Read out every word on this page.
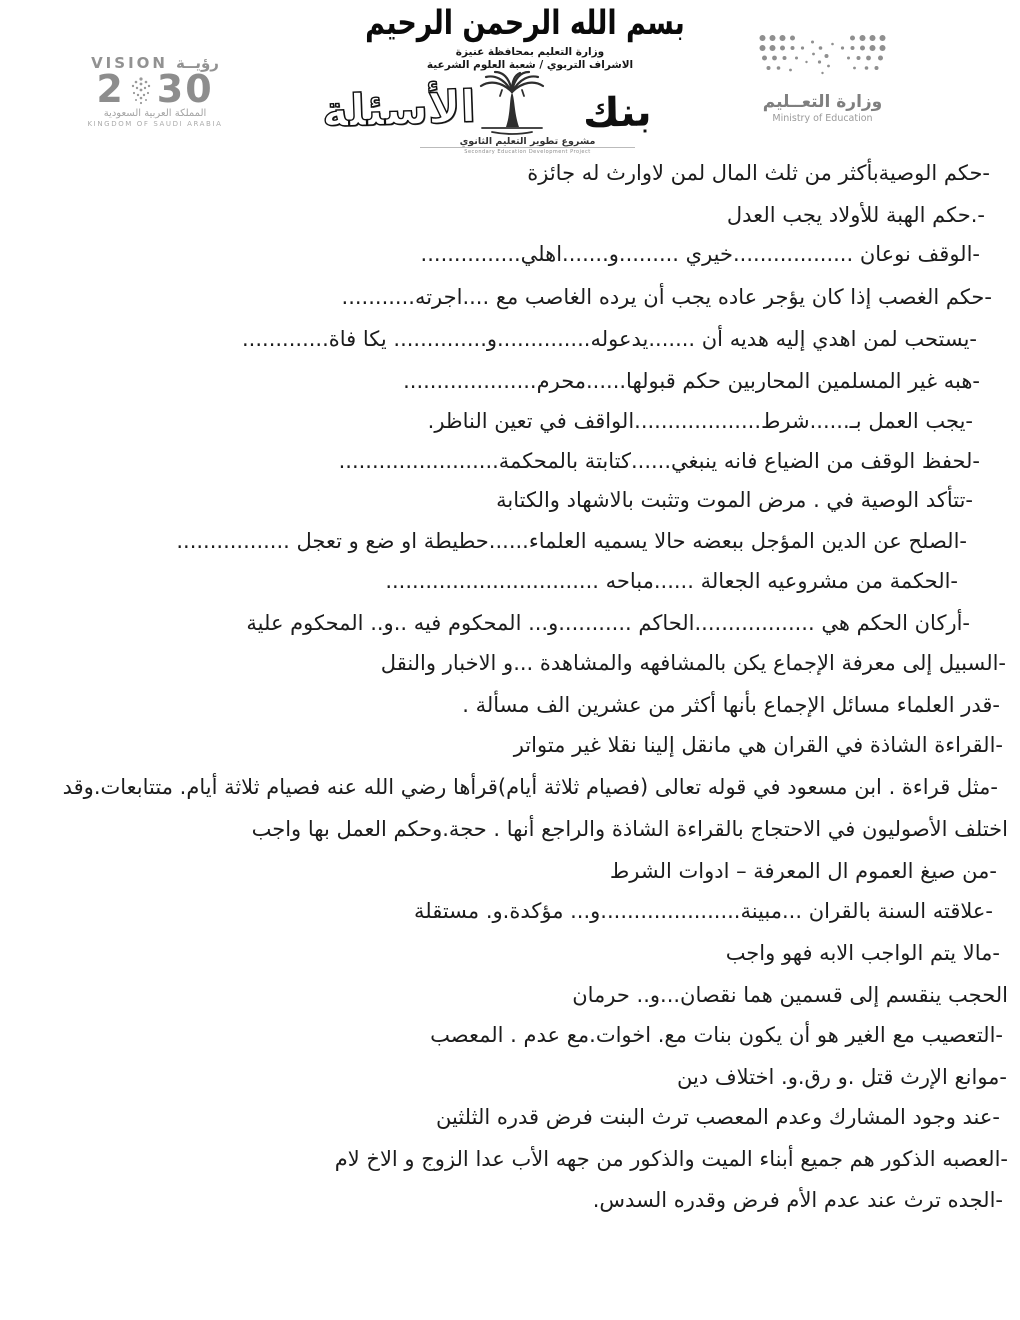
بسم الله الرحمن الرحيم
وزارة التعليم بمحافظة عنيزة
الاشراف التربوي / شعبة العلوم الشرعية
بنك
الأسئلة
مشروع تطوير التعليم الثانوي
Secondary Education Development Project
وزارة التعــليم
Ministry of Education
VISION رؤيــة
2 30
المملكة العربية السعودية
KINGDOM OF SAUDI ARABIA
-حكم الوصيةبأكثر من ثلث المال لمن لاوارث له جائزة
-.حكم الهبة للأولاد يجب العدل
-الوقف نوعان ..................خيري .........و.......اهلي...............
-حكم الغصب إذا كان يؤجر عاده يجب أن يرده الغاصب مع ....اجرته...........
-يستحب لمن اهدي إليه هديه أن .......يدعوله..............و.............. يكا فاة.............
-هبه غير المسلمين المحاربين حكم قبولها......محرم....................
-يجب العمل بـ......شرط...................الواقف في تعين الناظر.
-لحفظ الوقف من الضياع فانه ينبغي......كتابتة بالمحكمة........................
-تتأكد الوصية في . مرض الموت وتثبت بالاشهاد والكتابة
-الصلح عن الدين المؤجل ببعضه حالا يسميه العلماء......حطيطة او ضع و تعجل .................
-الحكمة من مشروعيه الجعالة ......مباحه ................................
-أركان الحكم هي ..................الحاكم ...........و... المحكوم فيه ..و.. المحكوم علية
-السبيل إلى معرفة الإجماع يكن بالمشافهه والمشاهدة ...و الاخبار والنقل
-قدر العلماء مسائل الإجماع بأنها أكثر من عشرين الف مسألة .
-القراءة الشاذة في القران هي مانقل إلينا نقلا غير متواتر
-مثل قراءة . ابن مسعود في قوله تعالى (فصيام ثلاثة أيام)قرأها رضي الله عنه فصيام ثلاثة أيام. متتابعات.وقد
اختلف الأصوليون في الاحتجاج بالقراءة الشاذة والراجع أنها . حجة.وحكم العمل بها واجب
-من صيغ العموم ال المعرفة – ادوات الشرط
-علاقته السنة بالقران ...مبينة.....................و... مؤكدة.و. مستقلة
-مالا يتم الواجب الابه فهو واجب
الحجب ينقسم إلى قسمين هما نقصان...و.. حرمان
-التعصيب مع الغير هو أن يكون بنات مع. اخوات.مع عدم . المعصب
-موانع الإرث قتل .و رق.و. اختلاف دين
-عند وجود المشارك وعدم المعصب ترث البنت فرض قدره الثلثين
-العصبه الذكور هم جميع أبناء الميت والذكور من جهه الأب عدا الزوج و الاخ لام
-الجده ترث عند عدم الأم فرض وقدره السدس.
